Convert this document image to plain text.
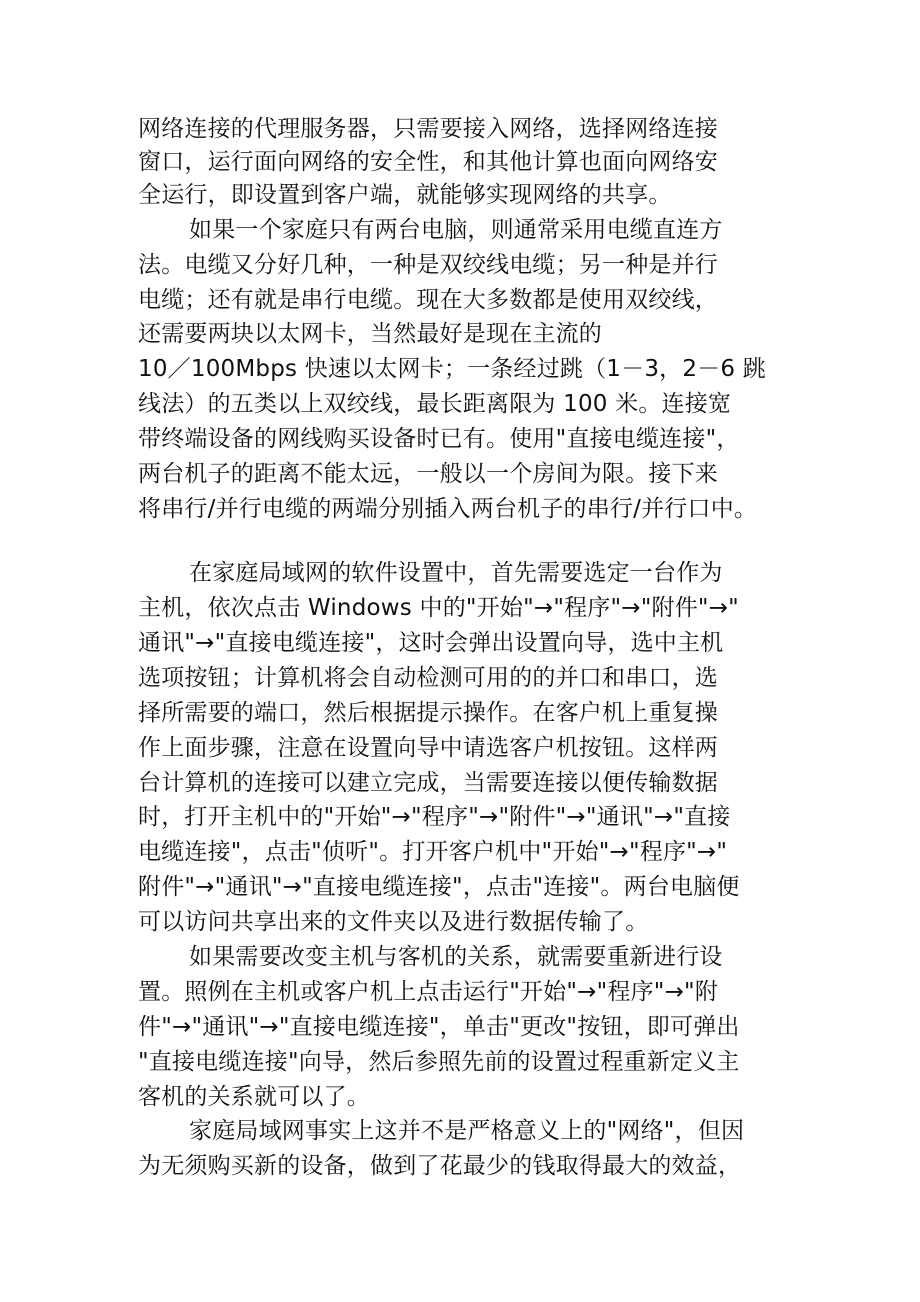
网络连接的代理服务器，只需要接入网络，选择网络连接
窗口，运行面向网络的安全性，和其他计算也面向网络安
全运行，即设置到客户端，就能够实现网络的共享。
如果一个家庭只有两台电脑，则通常采用电缆直连方
法。电缆又分好几种，一种是双绞线电缆；另一种是并行
电缆；还有就是串行电缆。现在大多数都是使用双绞线，
还需要两块以太网卡，当然最好是现在主流的
10／100Mbps 快速以太网卡；一条经过跳（1－3，2－6 跳
线法）的五类以上双绞线，最长距离限为 100 米。连接宽
带终端设备的网线购买设备时已有。使用"直接电缆连接"，
两台机子的距离不能太远，一般以一个房间为限。接下来
将串行/并行电缆的两端分别插入两台机子的串行/并行口中。
在家庭局域网的软件设置中，首先需要选定一台作为
主机，依次点击 Windows 中的"开始"→"程序"→"附件"→"
通讯"→"直接电缆连接"，这时会弹出设置向导，选中主机
选项按钮；计算机将会自动检测可用的的并口和串口，选
择所需要的端口，然后根据提示操作。在客户机上重复操
作上面步骤，注意在设置向导中请选客户机按钮。这样两
台计算机的连接可以建立完成，当需要连接以便传输数据
时，打开主机中的"开始"→"程序"→"附件"→"通讯"→"直接
电缆连接"，点击"侦听"。打开客户机中"开始"→"程序"→"
附件"→"通讯"→"直接电缆连接"，点击"连接"。两台电脑便
可以访问共享出来的文件夹以及进行数据传输了。
如果需要改变主机与客机的关系，就需要重新进行设
置。照例在主机或客户机上点击运行"开始"→"程序"→"附
件"→"通讯"→"直接电缆连接"，单击"更改"按钮，即可弹出
"直接电缆连接"向导，然后参照先前的设置过程重新定义主
客机的关系就可以了。
家庭局域网事实上这并不是严格意义上的"网络"，但因
为无须购买新的设备，做到了花最少的钱取得最大的效益，
